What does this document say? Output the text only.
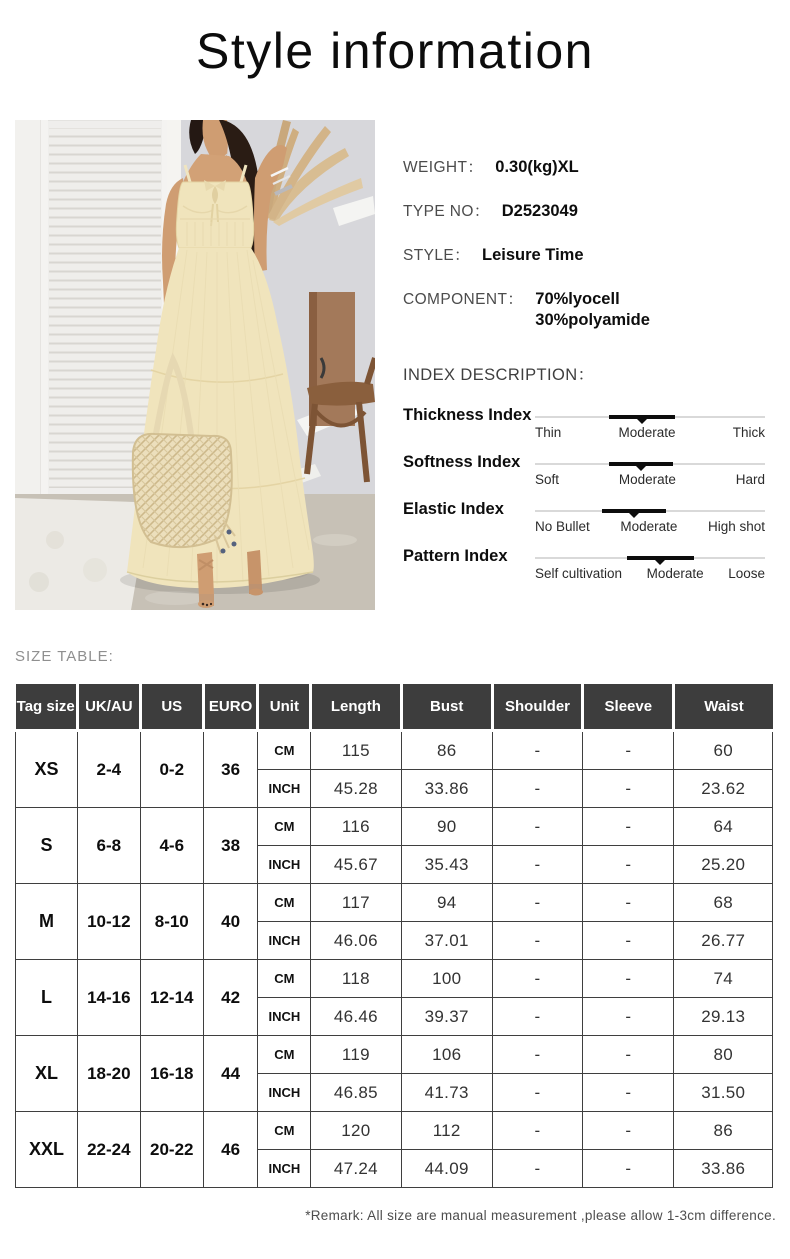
Style information
WEIGHT： 0.30(kg)XL
TYPE NO： D2523049
STYLE： Leisure Time
COMPONENT： 70%lyocell
30%polyamide
INDEX DESCRIPTION：
Thickness Index
Thin	Moderate	Thick
Softness Index
Soft	Moderate	Hard
Elastic Index
No Bullet Moderate High shot
Pattern Index
Self cultivation Moderate Loose
SIZE TABLE:
Tag size	UK/AU	US	EURO	Unit	Length	Bust	Shoulder	Sleeve	Waist
XS	2-4	0-2	36	CM	115	86	-	-	60
				INCH	45.28	33.86	-	-	23.62
S	6-8	4-6	38	CM	116	90	-	-	64
				INCH	45.67	35.43	-	-	25.20
M	10-12	8-10	40	CM	117	94	-	-	68
				INCH	46.06	37.01	-	-	26.77
L	14-16	12-14	42	CM	118	100	-	-	74
				INCH	46.46	39.37	-	-	29.13
XL	18-20	16-18	44	CM	119	106	-	-	80
				INCH	46.85	41.73	-	-	31.50
XXL	22-24	20-22	46	CM	120	112	-	-	86
				INCH	47.24	44.09	-	-	33.86
*Remark: All size are manual measurement ,please allow 1-3cm difference.
